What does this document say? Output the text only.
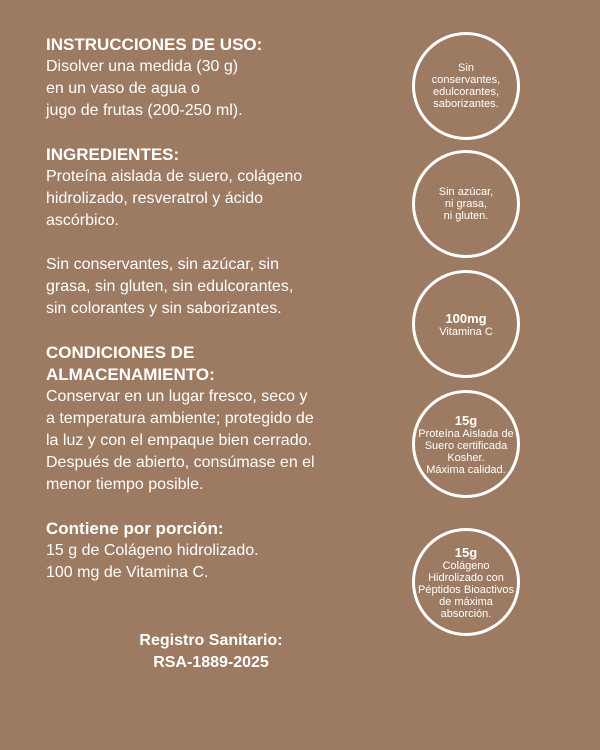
INSTRUCCIONES DE USO:

Disolver una medida (30 g)
en un vaso de agua o
jugo de frutas (200-250 ml).

INGREDIENTES:

Proteína aislada de suero, colágeno
hidrolizado, resveratrol y ácido
ascórbico.
Sin conservantes, sin azúcar, sin
grasa, sin gluten, sin edulcorantes,
sin colorantes y sin saborizantes.

CONDICIONES DE

ALMACENAMIENTO:

Conservar en un lugar fresco, seco y
a temperatura ambiente; protegido de
la luz y con el empaque bien cerrado.
Después de abierto, consúmase en el
menor tiempo posible.

Contiene por porción:

15 g de Colágeno hidrolizado.
100 mg de Vitamina C.
Registro Sanitario:
RSA-1889-2025
Sin
conservantes,
edulcorantes,
saborizantes.
Sin azúcar,
ni grasa,
ni gluten.
100mg
Vitamina C
15g
Proteína Aislada de
Suero certificada
Kosher.
Máxima calidad.
15g
Colágeno
Hidrolizado con
Péptidos Bioactivos
de máxima
absorción.
